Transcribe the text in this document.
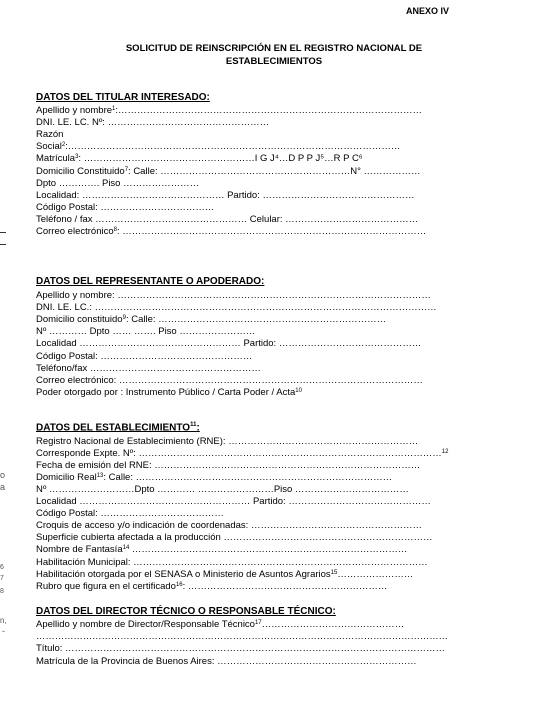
ANEXO IV
SOLICITUD DE REINSCRIPCIÓN EN EL REGISTRO NACIONAL DE
ESTABLECIMIENTOS
DATOS DEL TITULAR INTERESADO:
Apellido y nombre$^1$:……………………………………………………………………………………
DNI. LE. LC. Nº: ……………………………………………
Razón
Social$^2$:……………………………………………………………………………………………
Matrícula$^3$: ………………………………………………I G J⁴…D P P J⁵…R P C⁶
Domicilio Constituido$^7$: Calle: ……………………………………………………N° ………………
Dpto …………. Piso ……………………
Localidad: ……………………………………… Partido: …………………………………………
Código Postal: ………………………………
Teléfono / fax ………………………………………… Celular: ……………………………………
Correo electrónico$^8$: ……………………………………………………………………………………
DATOS DEL REPRESENTANTE O APODERADO:
Apellido y nombre: ………………………………………………………………………………………
DNI. LE. LC.: ………………………………………………………………………………………………
Domicilio constituido$^9$: Calle: ………………………………………………………………
Nº ………… Dpto …… ……. Piso ……………………
Localidad …………………………………………… Partido: ………………………………………
Código Postal: …………………………………………
Teléfono/fax ………………………………………………
Correo electrónico: ……………………………………………………………………………………
Poder otorgado por : Instrumento Público / Carta Poder / Acta$^{10}$
DATOS DEL ESTABLECIMIENTO$^{11}$:
Registro Nacional de Establecimiento (RNE): ……………………………………………………
Corresponde Expte. Nº: ……………………………………………………………………………………$^{12}$
Fecha de emisión del RNE: …………………………………………………………………………
Domicilio Real$^{13}$: Calle: ………………………………………………………………………
Nº ………………………Dpto ………… ……………………Piso ………………………………
Localidad ……………………………………………… Partido: ………………………………………
Código Postal: …………………………………
Croquis de acceso y/o indicación de coordenadas: ………………………………………………
Superficie cubierta afectada a la producción …………………………………………………………
Nombre de Fantasía$^{14}$ ……………………………………………………………………………
Habilitación Municipal: …………………………………………………………………………………
Habilitación otorgada por el SENASA o Ministerio de Asuntos Agrarios$^{15}$……………………
Rubro que figura en el certificado$^{16}$: ………………………………………………………
DATOS DEL DIRECTOR TÉCNICO O RESPONSABLE TÉCNICO:
Apellido y nombre de Director/Responsable Técnico$^{17}$………………………………………
……………………………………………………………………………………………………………………
Título: …………………………………………………………………………………………………………
Matrícula de la Provincia de Buenos Aires: ………………………………………………………
o
a
6
7
8
n,
-
